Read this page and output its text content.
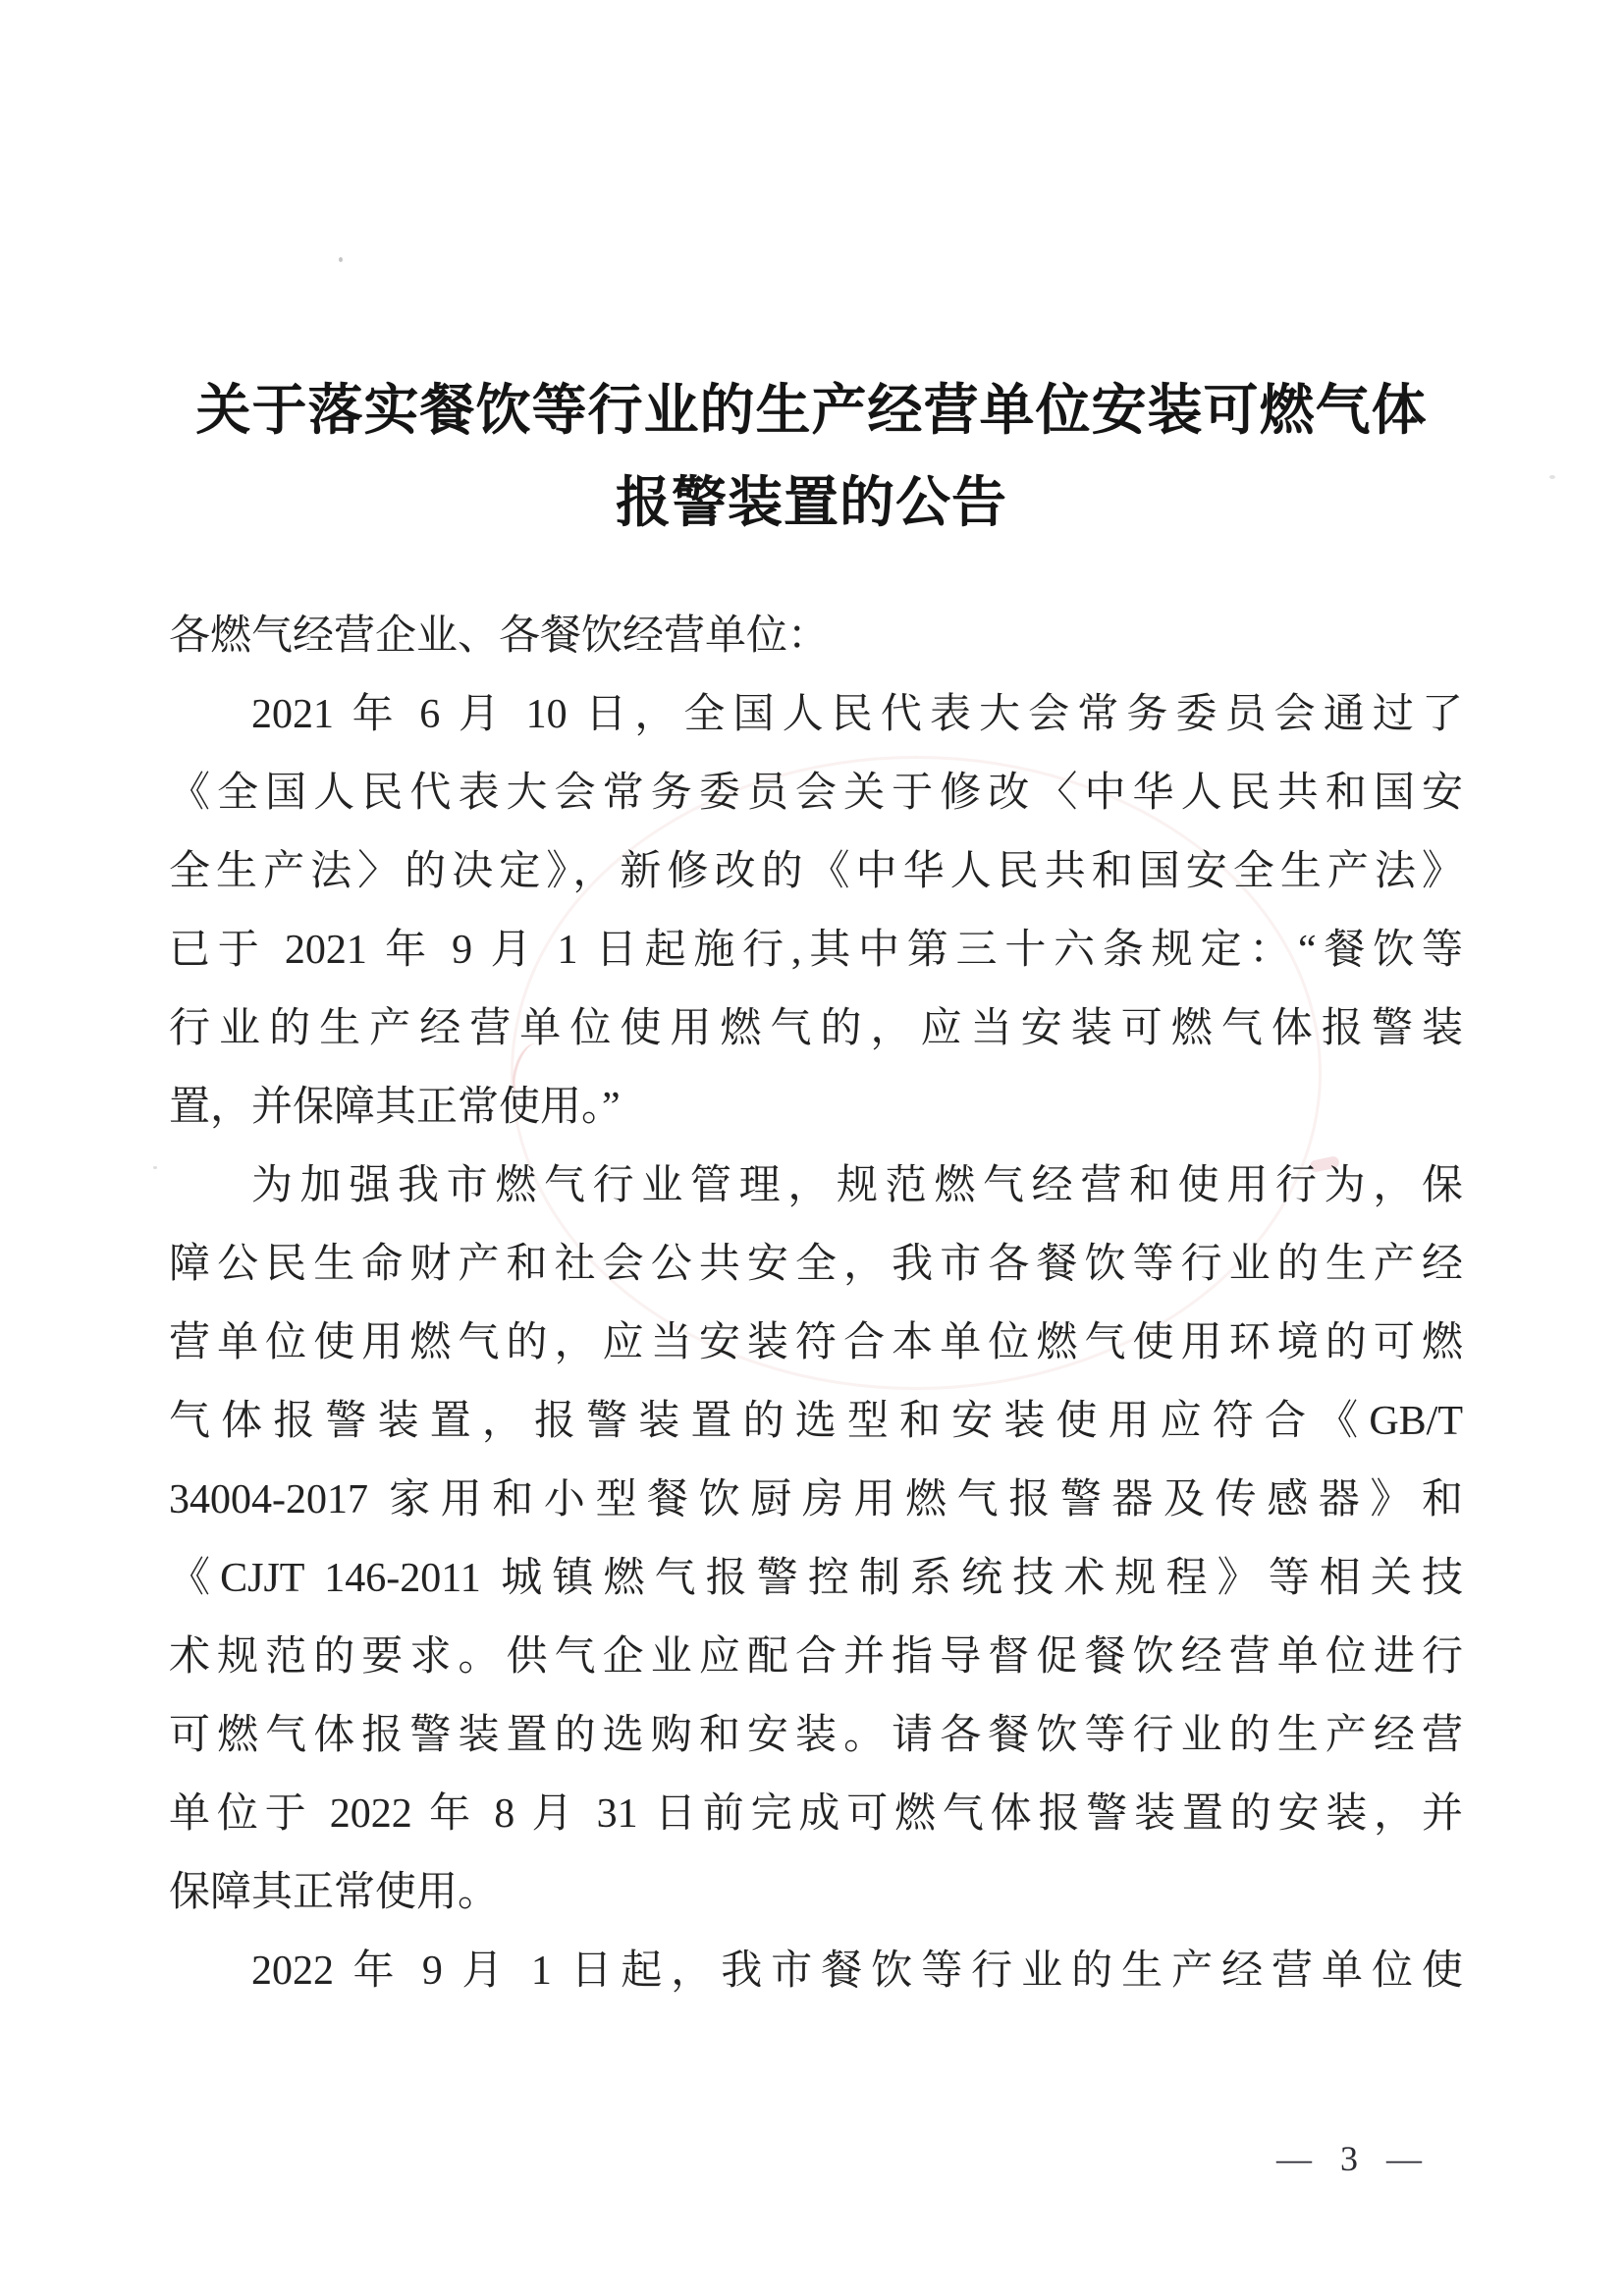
关于落实餐饮等行业的生产经营单位安装可燃气体
报警装置的公告
各燃气经营企业、各餐饮经营单位：
2021 年 6 月 10 日，全国人民代表大会常务委员会通过了
《全国人民代表大会常务委员会关于修改〈中华人民共和国安
全生产法〉的决定》，新修改的《中华人民共和国安全生产法》
已于 2021 年 9 月 1 日起施行,其中第三十六条规定：“餐饮等
行业的生产经营单位使用燃气的，应当安装可燃气体报警装
置，并保障其正常使用。”
为加强我市燃气行业管理，规范燃气经营和使用行为，保
障公民生命财产和社会公共安全，我市各餐饮等行业的生产经
营单位使用燃气的，应当安装符合本单位燃气使用环境的可燃
气体报警装置，报警装置的选型和安装使用应符合《GB/T
34004-2017 家用和小型餐饮厨房用燃气报警器及传感器》和
《CJJT 146-2011 城镇燃气报警控制系统技术规程》等相关技
术规范的要求。供气企业应配合并指导督促餐饮经营单位进行
可燃气体报警装置的选购和安装。请各餐饮等行业的生产经营
单位于 2022 年 8 月 31 日前完成可燃气体报警装置的安装，并
保障其正常使用。
2022 年 9 月 1 日起，我市餐饮等行业的生产经营单位使
— 3 —
